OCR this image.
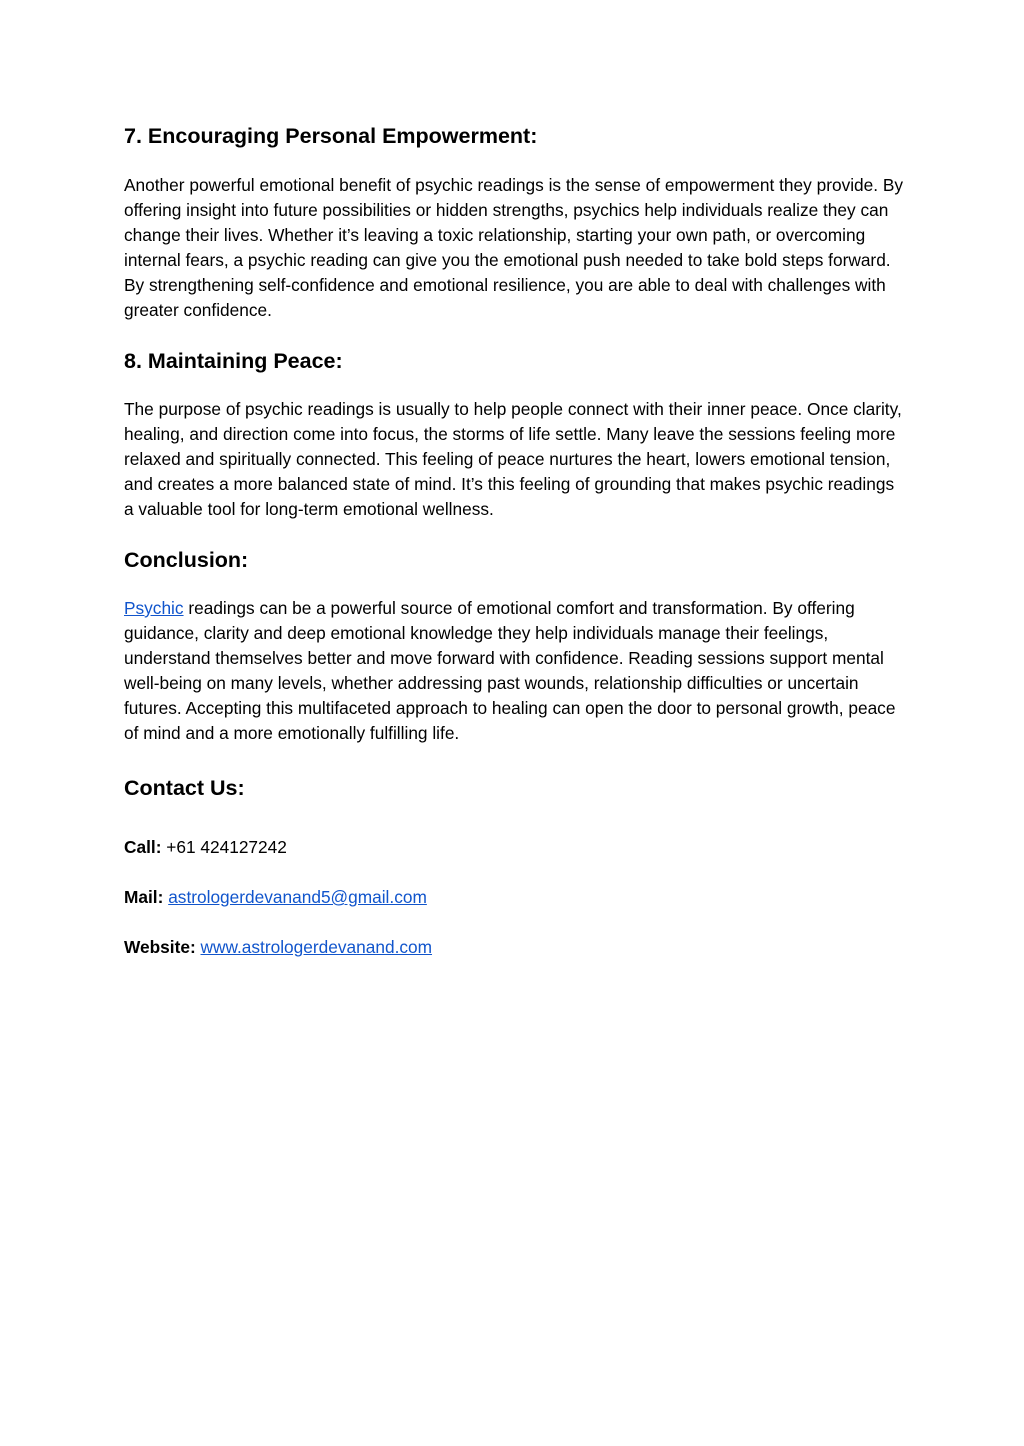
7. Encouraging Personal Empowerment:

Another powerful emotional benefit of psychic readings is the sense of empowerment they provide. By offering insight into future possibilities or hidden strengths, psychics help individuals realize they can change their lives. Whether it’s leaving a toxic relationship, starting your own path, or overcoming internal fears, a psychic reading can give you the emotional push needed to take bold steps forward. By strengthening self-confidence and emotional resilience, you are able to deal with challenges with greater confidence.

8. Maintaining Peace:

The purpose of psychic readings is usually to help people connect with their inner peace. Once clarity, healing, and direction come into focus, the storms of life settle. Many leave the sessions feeling more relaxed and spiritually connected. This feeling of peace nurtures the heart, lowers emotional tension, and creates a more balanced state of mind. It’s this feeling of grounding that makes psychic readings a valuable tool for long-term emotional wellness.

Conclusion:

Psychic readings can be a powerful source of emotional comfort and transformation. By offering guidance, clarity and deep emotional knowledge they help individuals manage their feelings, understand themselves better and move forward with confidence. Reading sessions support mental well-being on many levels, whether addressing past wounds, relationship difficulties or uncertain futures. Accepting this multifaceted approach to healing can open the door to personal growth, peace of mind and a more emotionally fulfilling life.

Contact Us:

Call: +61 424127242

Mail: astrologerdevanand5@gmail.com

Website: www.astrologerdevanand.com
